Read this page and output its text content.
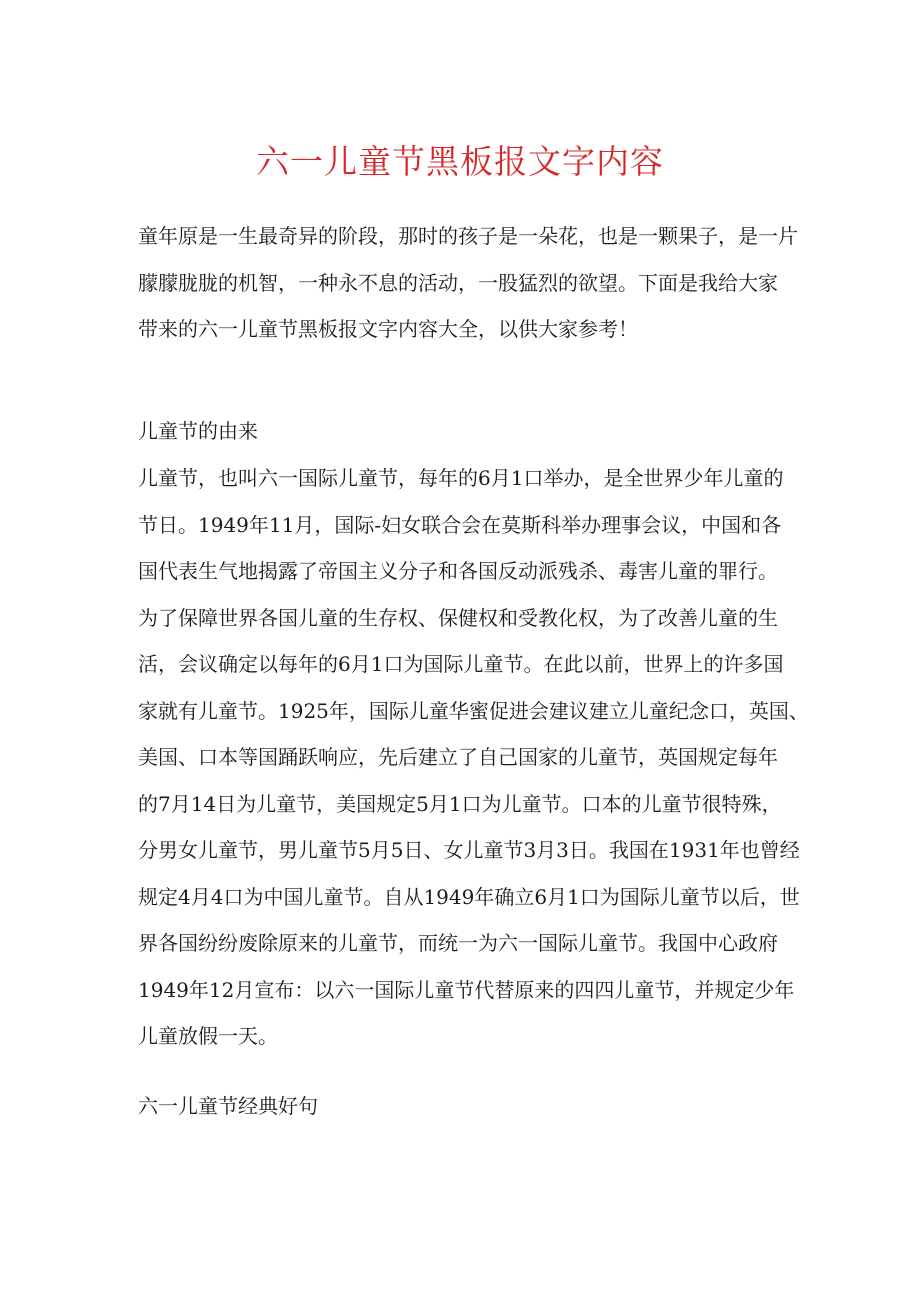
六一儿童节黑板报文字内容
童年原是一生最奇异的阶段，那时的孩子是一朵花，也是一颗果子，是一片
朦朦胧胧的机智，一种永不息的活动，一股猛烈的欲望。下面是我给大家
带来的六一儿童节黑板报文字内容大全，以供大家参考！
儿童节的由来
儿童节，也叫六一国际儿童节，每年的6月1口举办，是全世界少年儿童的
节日。1949年11月，国际-妇女联合会在莫斯科举办理事会议，中国和各
国代表生气地揭露了帝国主义分子和各国反动派残杀、毒害儿童的罪行。
为了保障世界各国儿童的生存权、保健权和受教化权，为了改善儿童的生
活，会议确定以每年的6月1口为国际儿童节。在此以前，世界上的许多国
家就有儿童节。1925年，国际儿童华蜜促进会建议建立儿童纪念口，英国、
美国、口本等国踊跃响应，先后建立了自己国家的儿童节，英国规定每年
的7月14日为儿童节，美国规定5月1口为儿童节。口本的儿童节很特殊，
分男女儿童节，男儿童节5月5日、女儿童节3月3日。我国在1931年也曾经
规定4月4口为中国儿童节。自从1949年确立6月1口为国际儿童节以后，世
界各国纷纷废除原来的儿童节，而统一为六一国际儿童节。我国中心政府
1949年12月宣布：以六一国际儿童节代替原来的四四儿童节，并规定少年
儿童放假一天。
六一儿童节经典好句
